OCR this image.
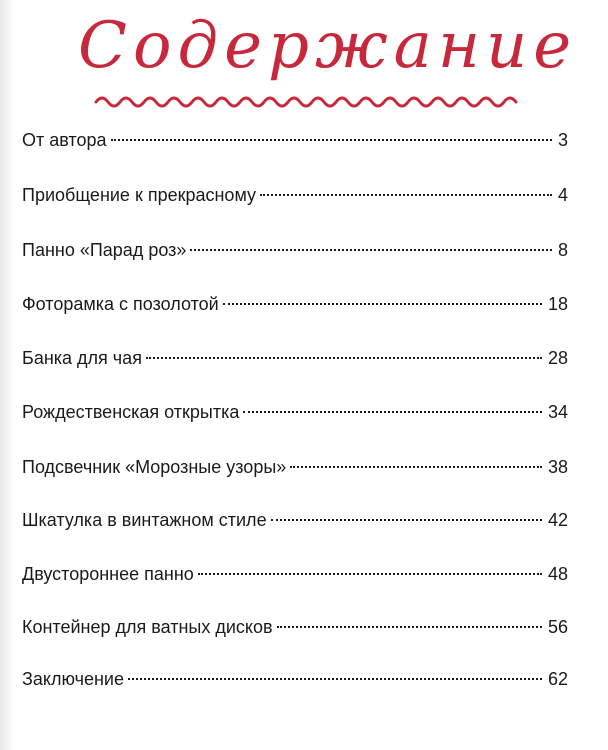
Содержание
От автора	3
Приобщение к прекрасному	4
Панно «Парад роз»	8
Фоторамка с позолотой	18
Банка для чая	28
Рождественская открытка	34
Подсвечник «Морозные узоры»	38
Шкатулка в винтажном стиле	42
Двустороннее панно	48
Контейнер для ватных дисков	56
Заключение	62
